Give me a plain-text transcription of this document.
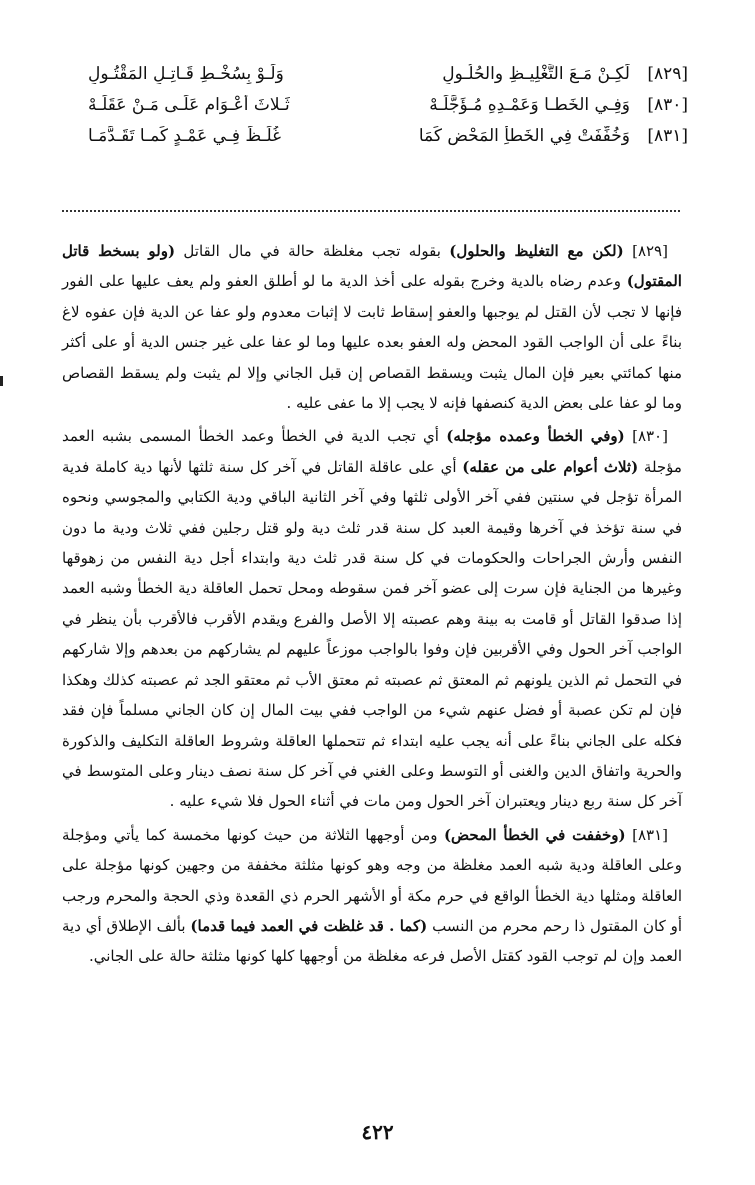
[٨٢٩]
لَكِـنْ مَـعَ التَّغْلِيـظِ والحُلُـولِ
وَلَـوْ بِسُخْـطِ قَـاتِـلِ المَقْتُـولِ
[٨٣٠]
وَفِـي الخَطـا وَعَمْـدِهِ مُـؤَجَّلَـهْ
ثَـلاثَ أَعْـوَامٍ عَلَـى مَـنْ عَقَلَـهْ
[٨٣١]
وَخُفِّفَتْ فِي الخَطأِ المَحْضِ كَمَا
غُلِّـظَ فِـي عَمْـدٍ كَمـا تَقَـدَّمَـا

[٨٢٩] (لكن مع التغليظ والحلول) بقوله تجب مغلظة حالة في مال القاتل (ولو بسخط قاتل المقتول) وعدم رضاه بالدية وخرج بقوله على أخذ الدية ما لو أطلق العفو ولم يعف عليها على الفور فإنها لا تجب لأن القتل لم يوجبها والعفو إسقاط ثابت لا إثبات معدوم ولو عفا عن الدية فإن عفوه لاغ بناءً على أن الواجب القود المحض وله العفو بعده عليها وما لو عفا على غير جنس الدية أو على أكثر منها كمائتي بعير فإن المال يثبت ويسقط القصاص إن قبل الجاني وإلا لم يثبت ولم يسقط القصاص وما لو عفا على بعض الدية كنصفها فإنه لا يجب إلا ما عفى عليه .

[٨٣٠] (وفي الخطأ وعمده مؤجله) أي تجب الدية في الخطأ وعمد الخطأ المسمى بشبه العمد مؤجلة (ثلاث أعوام على من عقله) أي على عاقلة القاتل في آخر كل سنة ثلثها لأنها دية كاملة فدية المرأة تؤجل في سنتين ففي آخر الأولى ثلثها وفي آخر الثانية الباقي ودية الكتابي والمجوسي ونحوه في سنة تؤخذ في آخرها وقيمة العبد كل سنة قدر ثلث دية ولو قتل رجلين ففي ثلاث ودية ما دون النفس وأرش الجراحات والحكومات في كل سنة قدر ثلث دية وابتداء أجل دية النفس من زهوقها وغيرها من الجناية فإن سرت إلى عضو آخر فمن سقوطه ومحل تحمل العاقلة دية الخطأ وشبه العمد إذا صدقوا القاتل أو قامت به بينة وهم عصبته إلا الأصل والفرع ويقدم الأقرب فالأقرب بأن ينظر في الواجب آخر الحول وفي الأقربين فإن وفوا بالواجب موزعاً عليهم لم يشاركهم من بعدهم وإلا شاركهم في التحمل ثم الذين يلونهم ثم المعتق ثم عصبته ثم معتق الأب ثم معتقو الجد ثم عصبته كذلك وهكذا فإن لم تكن عصبة أو فضل عنهم شيء من الواجب ففي بيت المال إن كان الجاني مسلماً فإن فقد فكله على الجاني بناءً على أنه يجب عليه ابتداء ثم تتحملها العاقلة وشروط العاقلة التكليف والذكورة والحرية واتفاق الدين والغنى أو التوسط وعلى الغني في آخر كل سنة نصف دينار وعلى المتوسط في آخر كل سنة ربع دينار ويعتبران آخر الحول ومن مات في أثناء الحول فلا شيء عليه .

[٨٣١] (وخففت في الخطأ المحض) ومن أوجهها الثلاثة من حيث كونها مخمسة كما يأتي ومؤجلة وعلى العاقلة ودية شبه العمد مغلظة من وجه وهو كونها مثلثة مخففة من وجهين كونها مؤجلة على العاقلة ومثلها دية الخطأ الواقع في حرم مكة أو الأشهر الحرم ذي القعدة وذي الحجة والمحرم ورجب أو كان المقتول ذا رحم محرم من النسب (كما . قد غلظت في العمد فيما قدما) بألف الإطلاق أي دية العمد وإن لم توجب القود كقتل الأصل فرعه مغلظة من أوجهها كلها كونها مثلثة حالة على الجاني.

٤٢٢
